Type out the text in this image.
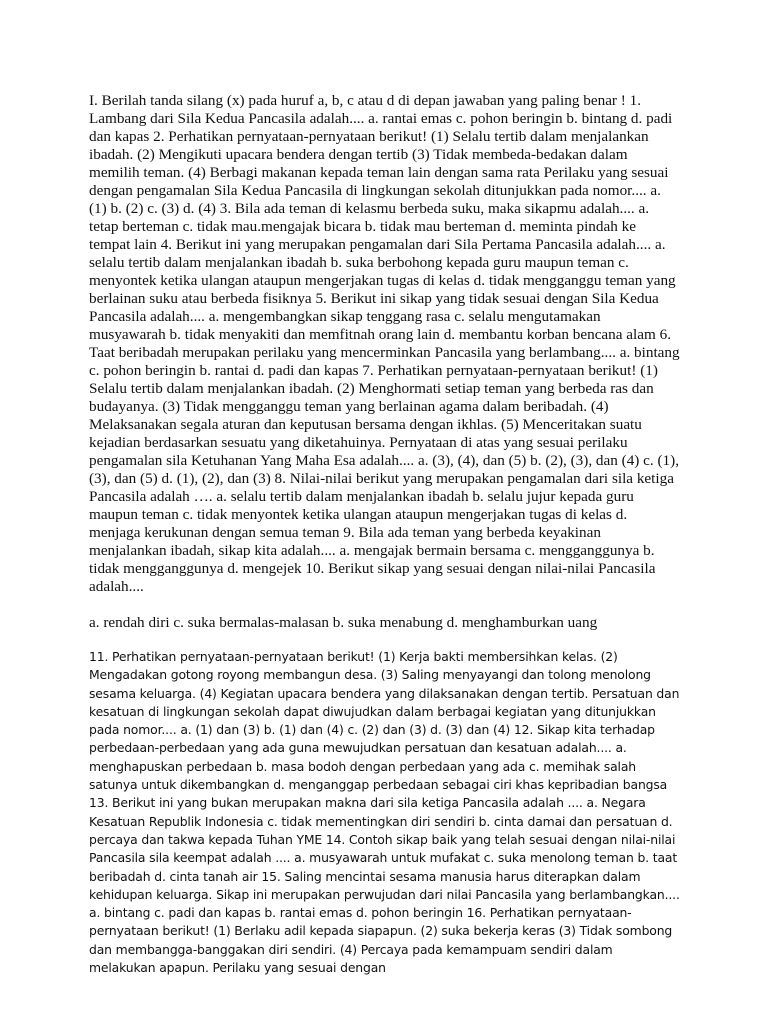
I. Berilah tanda silang (x) pada huruf a, b, c atau d di depan jawaban yang paling benar ! 1. Lambang dari Sila Kedua Pancasila adalah.... a. rantai emas c. pohon beringin b. bintang d. padi dan kapas 2. Perhatikan pernyataan-pernyataan berikut! (1) Selalu tertib dalam menjalankan ibadah. (2) Mengikuti upacara bendera dengan tertib (3) Tidak membeda-bedakan dalam memilih teman. (4) Berbagi makanan kepada teman lain dengan sama rata Perilaku yang sesuai dengan pengamalan Sila Kedua Pancasila di lingkungan sekolah ditunjukkan pada nomor.... a. (1) b. (2) c. (3) d. (4) 3. Bila ada teman di kelasmu berbeda suku, maka sikapmu adalah.... a. tetap berteman c. tidak mau.mengajak bicara b. tidak mau berteman d. meminta pindah ke tempat lain 4. Berikut ini yang merupakan pengamalan dari Sila Pertama Pancasila adalah.... a. selalu tertib dalam menjalankan ibadah b. suka berbohong kepada guru maupun teman c. menyontek ketika ulangan ataupun mengerjakan tugas di kelas d. tidak mengganggu teman yang berlainan suku atau berbeda fisiknya 5. Berikut ini sikap yang tidak sesuai dengan Sila Kedua Pancasila adalah.... a. mengembangkan sikap tenggang rasa c. selalu mengutamakan musyawarah b. tidak menyakiti dan memfitnah orang lain d. membantu korban bencana alam 6. Taat beribadah merupakan perilaku yang mencerminkan Pancasila yang berlambang.... a. bintang c. pohon beringin b. rantai d. padi dan kapas 7. Perhatikan pernyataan-pernyataan berikut! (1) Selalu tertib dalam menjalankan ibadah. (2) Menghormati setiap teman yang berbeda ras dan budayanya. (3) Tidak mengganggu teman yang berlainan agama dalam beribadah. (4) Melaksanakan segala aturan dan keputusan bersama dengan ikhlas. (5) Menceritakan suatu kejadian berdasarkan sesuatu yang diketahuinya. Pernyataan di atas yang sesuai perilaku pengamalan sila Ketuhanan Yang Maha Esa adalah.... a. (3), (4), dan (5) b. (2), (3), dan (4) c. (1), (3), dan (5) d. (1), (2), dan (3) 8. Nilai-nilai berikut yang merupakan pengamalan dari sila ketiga Pancasila adalah …. a. selalu tertib dalam menjalankan ibadah b. selalu jujur kepada guru maupun teman c. tidak menyontek ketika ulangan ataupun mengerjakan tugas di kelas d. menjaga kerukunan dengan semua teman 9. Bila ada teman yang berbeda keyakinan menjalankan ibadah, sikap kita adalah.... a. mengajak bermain bersama c. mengganggunya b. tidak mengganggunya d. mengejek 10. Berikut sikap yang sesuai dengan nilai-nilai Pancasila adalah....

a. rendah diri c. suka bermalas-malasan b. suka menabung d. menghamburkan uang

11. Perhatikan pernyataan-pernyataan berikut! (1) Kerja bakti membersihkan kelas. (2) Mengadakan gotong royong membangun desa. (3) Saling menyayangi dan tolong menolong sesama keluarga. (4) Kegiatan upacara bendera yang dilaksanakan dengan tertib. Persatuan dan kesatuan di lingkungan sekolah dapat diwujudkan dalam berbagai kegiatan yang ditunjukkan pada nomor.... a. (1) dan (3) b. (1) dan (4) c. (2) dan (3) d. (3) dan (4) 12. Sikap kita terhadap perbedaan-perbedaan yang ada guna mewujudkan persatuan dan kesatuan adalah.... a. menghapuskan perbedaan b. masa bodoh dengan perbedaan yang ada c. memihak salah satunya untuk dikembangkan d. menganggap perbedaan sebagai ciri khas kepribadian bangsa 13. Berikut ini yang bukan merupakan makna dari sila ketiga Pancasila adalah .... a. Negara Kesatuan Republik Indonesia c. tidak mementingkan diri sendiri b. cinta damai dan persatuan d. percaya dan takwa kepada Tuhan YME 14. Contoh sikap baik yang telah sesuai dengan nilai-nilai Pancasila sila keempat adalah .... a. musyawarah untuk mufakat c. suka menolong teman b. taat beribadah d. cinta tanah air 15. Saling mencintai sesama manusia harus diterapkan dalam kehidupan keluarga. Sikap ini merupakan perwujudan dari nilai Pancasila yang berlambangkan.... a. bintang c. padi dan kapas b. rantai emas d. pohon beringin 16. Perhatikan pernyataan-pernyataan berikut! (1) Berlaku adil kepada siapapun. (2) suka bekerja keras (3) Tidak sombong dan membangga-banggakan diri sendiri. (4) Percaya pada kemampuam sendiri dalam melakukan apapun. Perilaku yang sesuai dengan
